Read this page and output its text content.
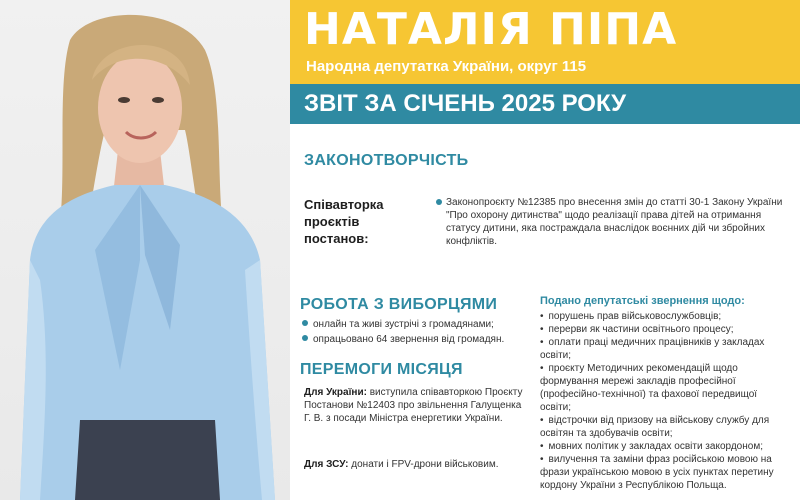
НАТАЛІЯ ПІПА

Народна депутатка України, округ 115

ЗВІТ ЗА СІЧЕНЬ 2025 РОКУ
ЗАКОНОТВОРЧІСТЬ

Співавторка

проєктів

постанов:

Законопроєкту №12385 про внесення змін до статті 30-1 Закону України "Про охорону дитинства" щодо реалізації права дітей на отримання статусу дитини, яка постраждала внаслідок воєнних дій чи збройних конфліктів.

РОБОТА З ВИБОРЦЯМИ
онлайн та живі зустрічі з громадянами;
опрацьовано 64 звернення від громадян.
ПЕРЕМОГИ МІСЯЦЯ

Для України: виступила співавторкою Проєкту Постанови №12403 про звільнення Галущенка Г. В. з посади Міністра енергетики України.

Для ЗСУ: донати і FPV-дрони військовим.

Подано депутатські звернення щодо:

• порушень прав військовослужбовців;
• перерви як частини освітнього процесу;
• оплати праці медичних працівників у закладах освіти;
• проєкту Методичних рекомендацій щодо формування мережі закладів професійної (професійно-технічної) та фахової передвищої освіти;
• відстрочки від призову на військову службу для освітян та здобувачів освіти;
• мовних політик у закладах освіти закордоном;
• вилучення та заміни фраз російською мовою на фрази українською мовою в усіх пунктах перетину кордону України з Республікою Польща.
